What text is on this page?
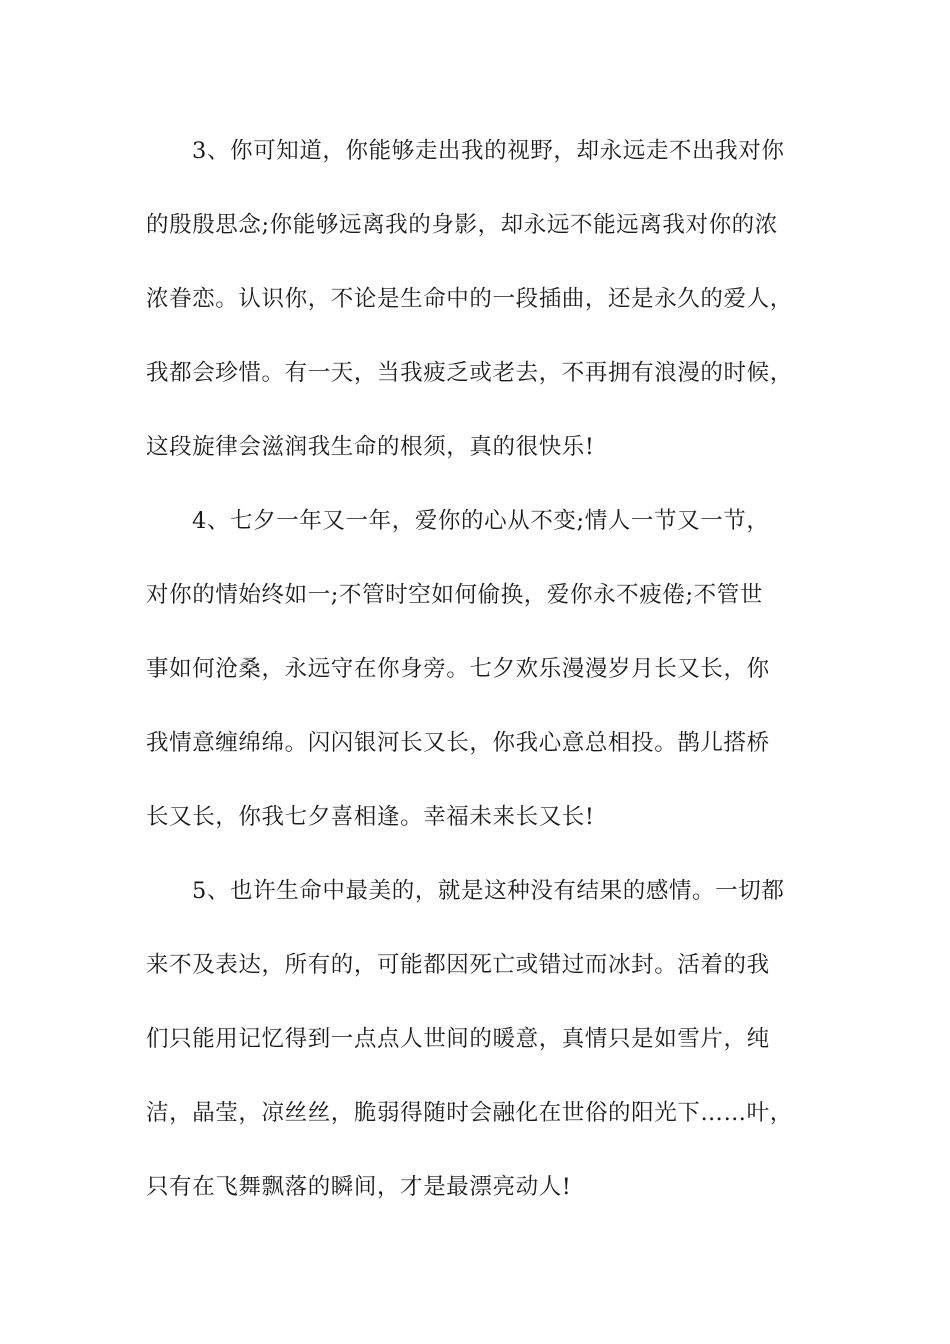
3、你可知道，你能够走出我的视野，却永远走不出我对你
的殷殷思念;你能够远离我的身影，却永远不能远离我对你的浓
浓眷恋。认识你，不论是生命中的一段插曲，还是永久的爱人，
我都会珍惜。有一天，当我疲乏或老去，不再拥有浪漫的时候，
这段旋律会滋润我生命的根须，真的很快乐!
4、七夕一年又一年，爱你的心从不变;情人一节又一节，
对你的情始终如一;不管时空如何偷换，爱你永不疲倦;不管世
事如何沧桑，永远守在你身旁。七夕欢乐漫漫岁月长又长，你
我情意缠绵绵。闪闪银河长又长，你我心意总相投。鹊儿搭桥
长又长，你我七夕喜相逢。幸福未来长又长!
5、也许生命中最美的，就是这种没有结果的感情。一切都
来不及表达，所有的，可能都因死亡或错过而冰封。活着的我
们只能用记忆得到一点点人世间的暖意，真情只是如雪片，纯
洁，晶莹，凉丝丝，脆弱得随时会融化在世俗的阳光下……叶，
只有在飞舞飘落的瞬间，才是最漂亮动人!
